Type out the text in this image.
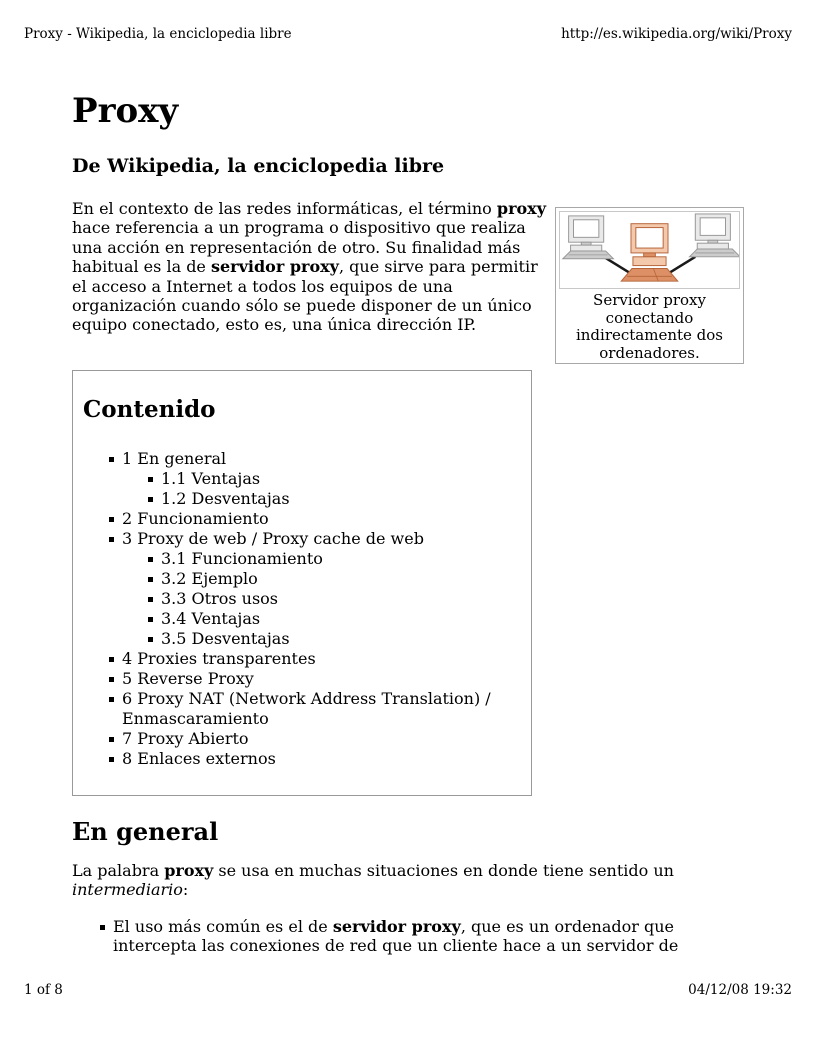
Proxy - Wikipedia, la enciclopedia libre	http://es.wikipedia.org/wiki/Proxy
Proxy
De Wikipedia, la enciclopedia libre
En el contexto de las redes informáticas, el término proxy hace referencia a un programa o dispositivo que realiza una acción en representación de otro. Su finalidad más habitual es la de servidor proxy, que sirve para permitir el acceso a Internet a todos los equipos de una organización cuando sólo se puede disponer de un único equipo conectado, esto es, una única dirección IP.
Servidor proxy conectando indirectamente dos ordenadores.
Contenido
1 En general
1.1 Ventajas
1.2 Desventajas
2 Funcionamiento
3 Proxy de web / Proxy cache de web
3.1 Funcionamiento
3.2 Ejemplo
3.3 Otros usos
3.4 Ventajas
3.5 Desventajas
4 Proxies transparentes
5 Reverse Proxy
6 Proxy NAT (Network Address Translation) / Enmascaramiento
7 Proxy Abierto
8 Enlaces externos
En general
La palabra proxy se usa en muchas situaciones en donde tiene sentido un intermediario:
El uso más común es el de servidor proxy, que es un ordenador que intercepta las conexiones de red que un cliente hace a un servidor de
1 of 8	04/12/08 19:32
